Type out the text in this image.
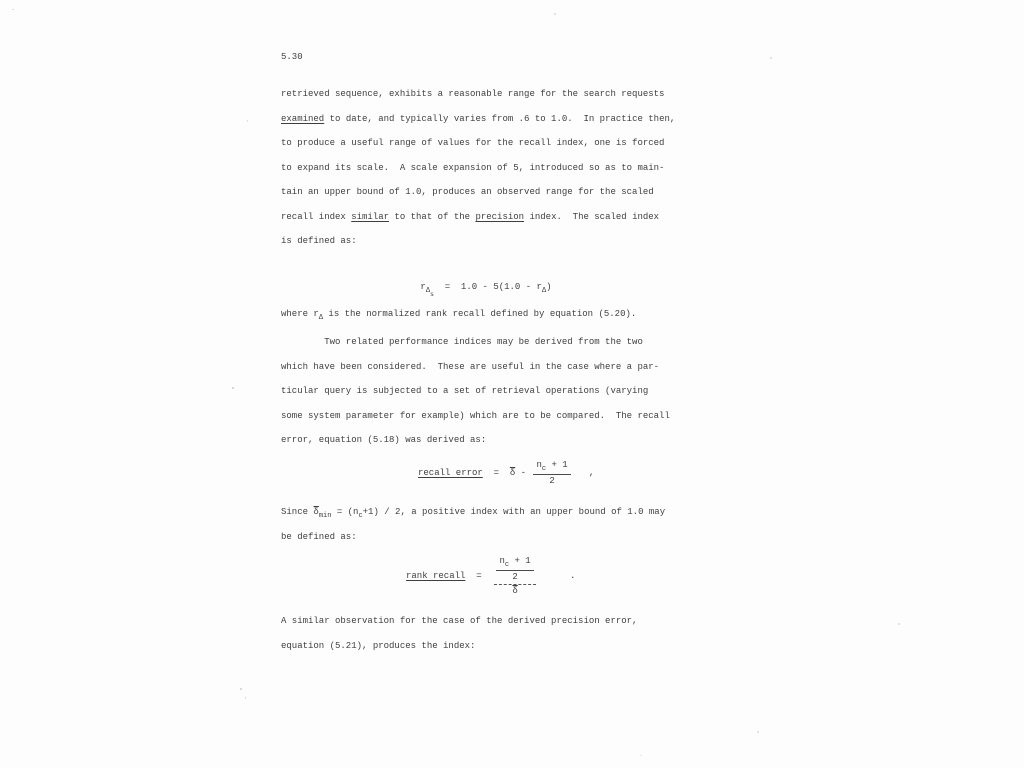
5.30
retrieved sequence, exhibits a reasonable range for the search requests
examined to date, and typically varies from .6 to 1.0.  In practice then,
to produce a useful range of values for the recall index, one is forced
to expand its scale.  A scale expansion of 5, introduced so as to main-
tain an upper bound of 1.0, produces an observed range for the scaled
recall index similar to that of the precision index.  The scaled index
is defined as:

$r_{\Delta s} = 1.0 - 5(1.0 - r_\Delta)$

where $r_\Delta$ is the normalized rank recall defined by equation (5.20).
Two related performance indices may be derived from the two
which have been considered.  These are useful in the case where a par-
ticular query is subjected to a set of retrieval operations (varying
some system parameter for example) which are to be compared.  The recall
error, equation (5.18) was derived as:
recall error = $\overline{\delta} - \frac{n_c + 1}{2}$ ,
Since $\overline{\delta}_{min} = (n_c+1) / 2$, a positive index with an upper bound of 1.0 may
be defined as:
rank recall = $\frac{\frac{n_c + 1}{2}}{\delta}$ .
A similar observation for the case of the derived precision error,
equation (5.21), produces the index:
